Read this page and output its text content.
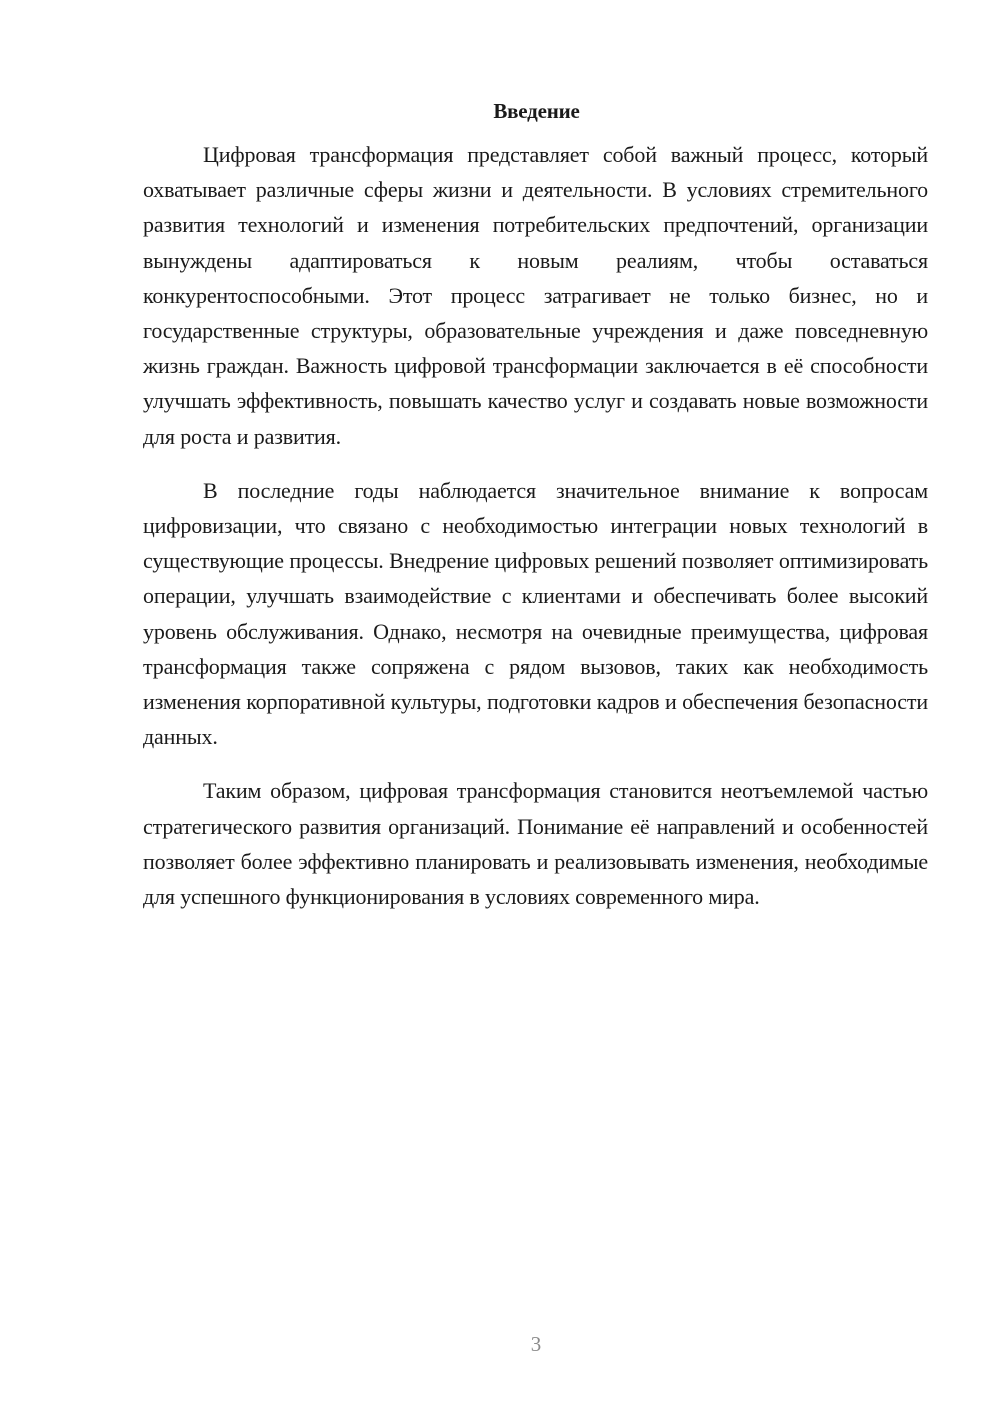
Введение

Цифровая трансформация представляет собой важный процесс, который охватывает различные сферы жизни и деятельности. В условиях стремительного развития технологий и изменения потребительских предпочтений, организации вынуждены адаптироваться к новым реалиям, чтобы оставаться конкурентоспособными. Этот процесс затрагивает не только бизнес, но и государственные структуры, образовательные учреждения и даже повседневную жизнь граждан. Важность цифровой трансформации заключается в её способности улучшать эффективность, повышать качество услуг и создавать новые возможности для роста и развития.

В последние годы наблюдается значительное внимание к вопросам цифровизации, что связано с необходимостью интеграции новых технологий в существующие процессы. Внедрение цифровых решений позволяет оптимизировать операции, улучшать взаимодействие с клиентами и обеспечивать более высокий уровень обслуживания. Однако, несмотря на очевидные преимущества, цифровая трансформация также сопряжена с рядом вызовов, таких как необходимость изменения корпоративной культуры, подготовки кадров и обеспечения безопасности данных.

Таким образом, цифровая трансформация становится неотъемлемой частью стратегического развития организаций. Понимание её направлений и особенностей позволяет более эффективно планировать и реализовывать изменения, необходимые для успешного функционирования в условиях современного мира.

3
